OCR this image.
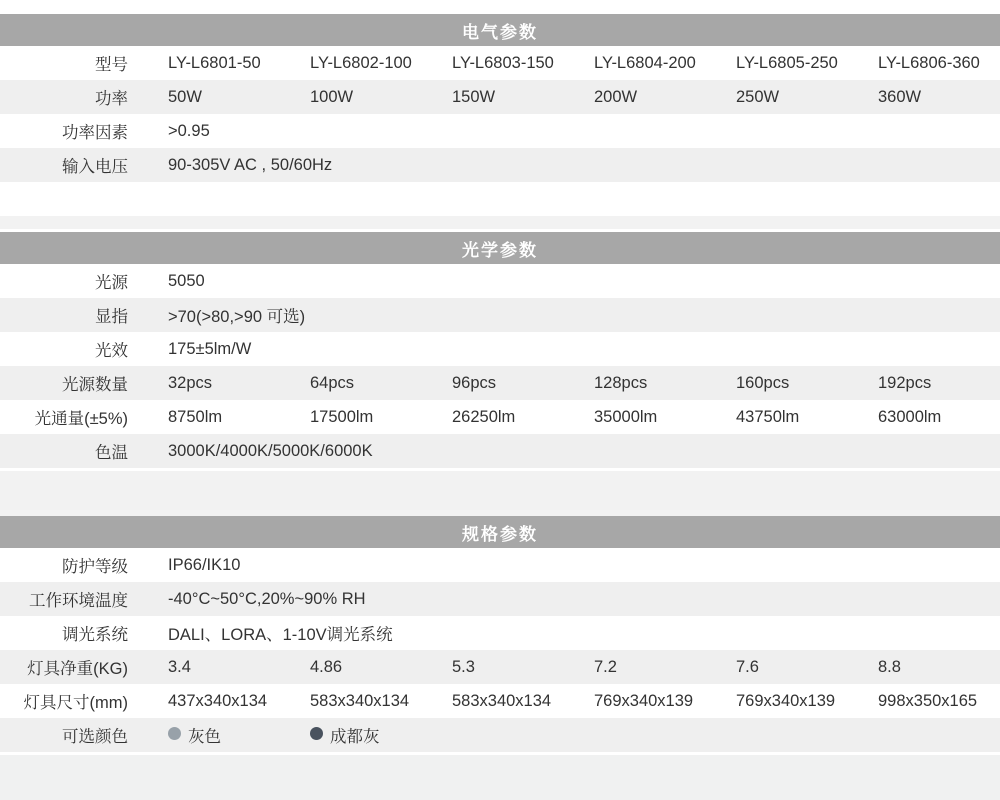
电气参数
型号	LY-L6801-50	LY-L6802-100	LY-L6803-150	LY-L6804-200	LY-L6805-250	LY-L6806-360
功率	50W	100W	150W	200W	250W	360W
功率因素	>0.95
输入电压	90-305V AC , 50/60Hz
光学参数
光源	5050
显指	>70(>80,>90 可选)
光效	175±5lm/W
光源数量	32pcs	64pcs	96pcs	128pcs	160pcs	192pcs
光通量(±5%)	8750lm	17500lm	26250lm	35000lm	43750lm	63000lm
色温	3000K/4000K/5000K/6000K
规格参数
防护等级	IP66/IK10
工作环境温度	-40°C~50°C,20%~90% RH
调光系统	DALI、LORA、1-10V调光系统
灯具净重(KG)	3.4	4.86	5.3	7.2	7.6	8.8
灯具尺寸(mm)	437x340x134	583x340x134	583x340x134	769x340x139	769x340x139	998x350x165
可选颜色	灰色	成都灰
